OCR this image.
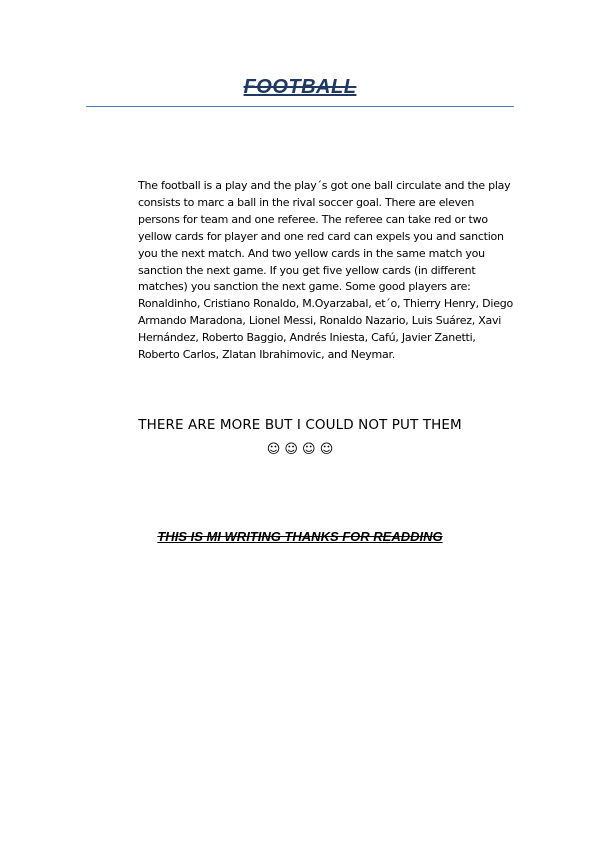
FOOTBALL

The football is a play and the play´s got one ball circulate and the play consists to marc a ball in the rival soccer goal. There are eleven persons for team and one referee. The referee can take red or two yellow cards for player and one red card can expels you and sanction you the next match. And two yellow cards in the same match you sanction the next game. If you get five yellow cards (in different matches) you sanction the next game. Some good players are: Ronaldinho, Cristiano Ronaldo, M.Oyarzabal, et´o, Thierry Henry, Diego Armando Maradona, Lionel Messi, Ronaldo Nazario, Luis Suárez, Xavi Hernández, Roberto Baggio, Andrés Iniesta, Cafú, Javier Zanetti, Roberto Carlos, Zlatan Ibrahimovic, and Neymar.

THERE ARE MORE BUT I COULD NOT PUT THEM
☺ ☺ ☺ ☺
THIS IS MI WRITING THANKS FOR READDING
